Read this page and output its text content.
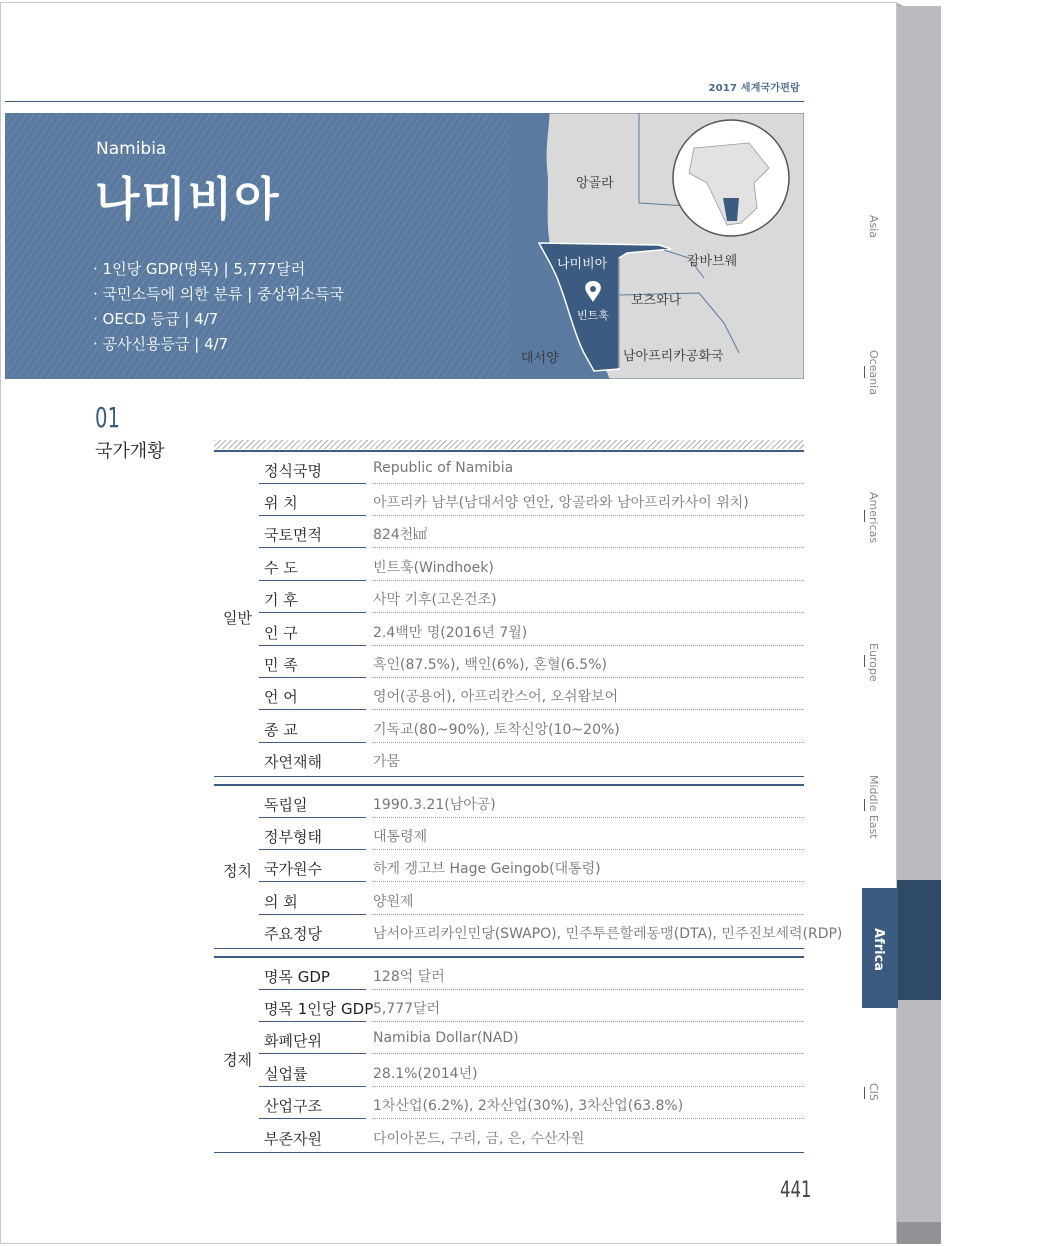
2017 세계국가편람
Namibia
나미비아
· 1인당 GDP(명목) | 5,777달러
· 국민소득에 의한 분류 | 중상위소득국
· OECD 등급 | 4/7
· 공사신용등급 | 4/7
앙골라
나미비아	잠바브웨
보츠와나
빈트훅
대서양	남아프리카공화국
01
국가개황
일반
정식국명	Republic of Namibia
위 치	아프리카 남부(남대서양 연안, 앙골라와 남아프리카사이 위치)
국토면적	824천㎢
수 도	빈트훅(Windhoek)
기 후	사막 기후(고온건조)
인 구	2.4백만 명(2016년 7월)
민 족	흑인(87.5%), 백인(6%), 혼혈(6.5%)
언 어	영어(공용어), 아프리칸스어, 오쉬왐보어
종 교	기독교(80~90%), 토착신앙(10~20%)
자연재해	가뭄
정치
독립일	1990.3.21(남아공)
정부형태	대통령제
국가원수	하게 겡고브 Hage Geingob(대통령)
의 회	양원제
주요정당	남서아프리카인민당(SWAPO), 민주투른할레동맹(DTA), 민주진보세력(RDP)
경제
명목 GDP	128억 달러
명목 1인당 GDP 5,777달러
화폐단위	Namibia Dollar(NAD)
실업률	28.1%(2014년)
산업구조	1차산업(6.2%), 2차산업(30%), 3차산업(63.8%)
부존자원	다이아몬드, 구리, 금, 은, 수산자원
441
Asia
Oceania
Americas
Europe
Middle East
CIS
Africa
